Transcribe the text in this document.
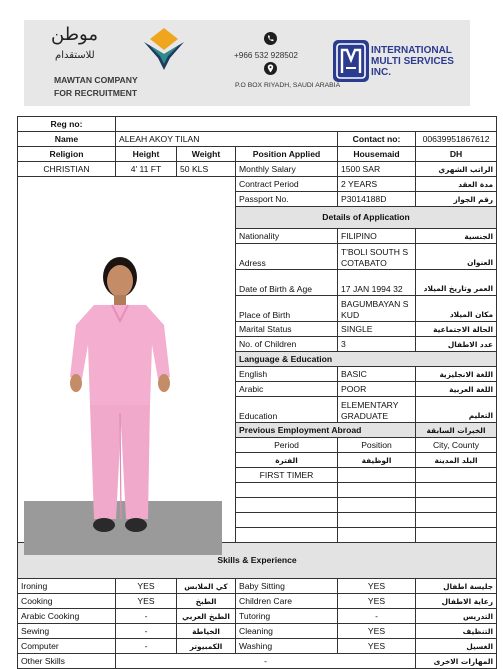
موطن
للاستقدام
MAWTAN COMPANY
FOR RECRUITMENT
+966 532 928502
P.O BOX RIYADH, SAUDI ARABIA
INTERNATIONAL
MULTI SERVICES
INC.
Reg no:					
Name	ALEAH AKOY TILAN			Contact no:	00639951867612
Religion	Height	Weight	Position Applied	Housemaid	DH
CHRISTIAN	4' 11 FT	50 KLS	Monthly Salary	1500 SAR	الراتب الشهري

	Contract Period	2 YEARS	مدة العقد
			Passport No.	P3014188D	رقم الجواز
			Details of Application		
			Nationality	FILIPINO	الجنسية
			Adress	T'BOLI SOUTH S COTABATO	العنوان
			Date of Birth & Age	17 JAN 1994 32	العمر وتاريخ الميلاد
			Place of Birth	BAGUMBAYAN S KUD	مكان الميلاد
			Marital Status	SINGLE	الحالة الاجتماعية
			No. of Children	3	عدد الاطفال
			Language & Education		
			English	BASIC	اللغة الانجليزية
			Arabic	POOR	اللغة العربية
			Education	ELEMENTARY GRADUATE	التعليم
			Previous Employment Abroad		الخبرات السابقة
			Period	Position	City, County
			الفترة	الوظيفة	البلد المدينة
			FIRST TIMER		

Skills & Experience					
Ironing	YES	كي الملابس	Baby Sitting	YES	جليسة اطفال
Cooking	YES	الطبخ	Children Care	YES	رعاية الاطفال
Arabic Cooking	-	الطبخ العربي	Tutoring	-	التدريس
Sewing	-	الخياطة	Cleaning	YES	التنظيف
Computer	-	الكمبيوتر	Washing	YES	الغسيل
Other Skills	-				المهارات الاخرى
